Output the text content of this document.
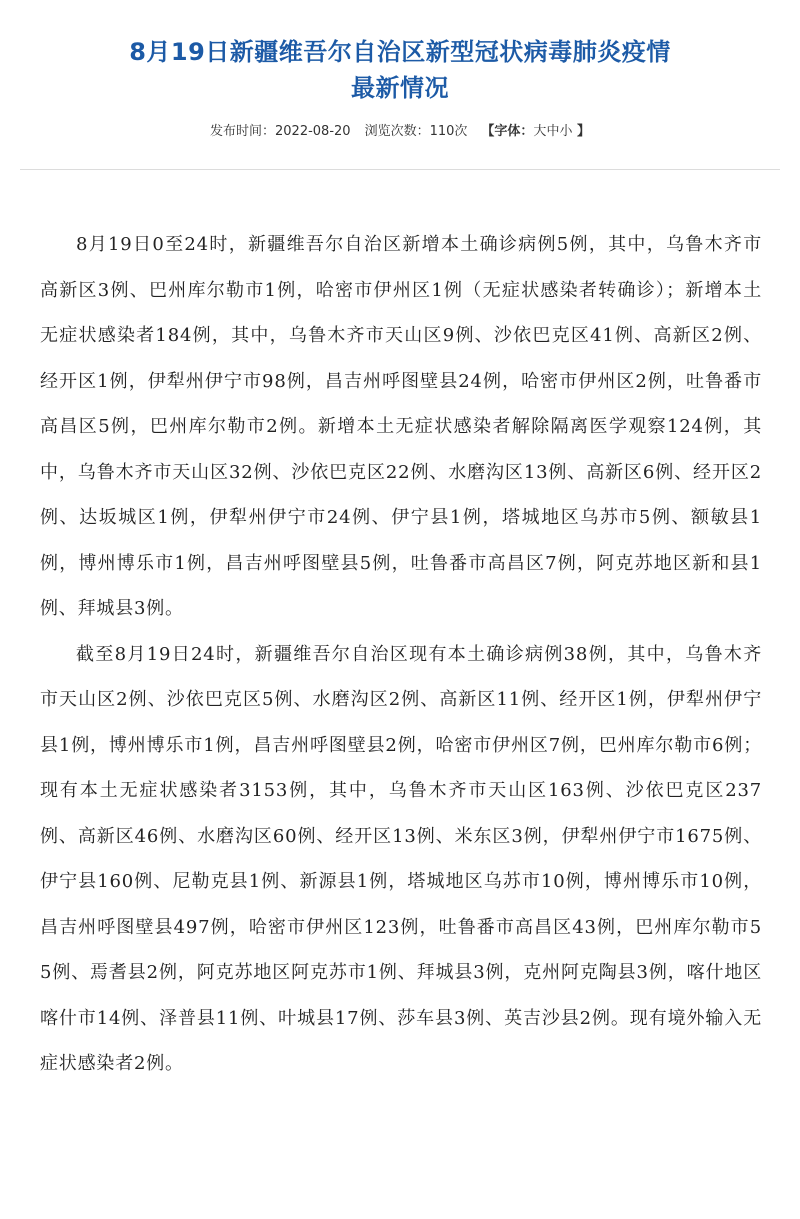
8月19日新疆维吾尔自治区新型冠状病毒肺炎疫情
最新情况
发布时间：2022-08-20 浏览次数：110次 【字体：大中小 】

8月19日0至24时，新疆维吾尔自治区新增本土确诊病例5例，其中，乌鲁木齐市高新区3例、巴州库尔勒市1例，哈密市伊州区1例（无症状感染者转确诊）；新增本土无症状感染者184例，其中，乌鲁木齐市天山区9例、沙依巴克区41例、高新区2例、经开区1例，伊犁州伊宁市98例，昌吉州呼图壁县24例，哈密市伊州区2例，吐鲁番市高昌区5例，巴州库尔勒市2例。新增本土无症状感染者解除隔离医学观察124例，其中，乌鲁木齐市天山区32例、沙依巴克区22例、水磨沟区13例、高新区6例、经开区2例、达坂城区1例，伊犁州伊宁市24例、伊宁县1例，塔城地区乌苏市5例、额敏县1例，博州博乐市1例，昌吉州呼图壁县5例，吐鲁番市高昌区7例，阿克苏地区新和县1例、拜城县3例。

截至8月19日24时，新疆维吾尔自治区现有本土确诊病例38例，其中，乌鲁木齐市天山区2例、沙依巴克区5例、水磨沟区2例、高新区11例、经开区1例，伊犁州伊宁县1例，博州博乐市1例，昌吉州呼图壁县2例，哈密市伊州区7例，巴州库尔勒市6例；现有本土无症状感染者3153例，其中，乌鲁木齐市天山区163例、沙依巴克区237例、高新区46例、水磨沟区60例、经开区13例、米东区3例，伊犁州伊宁市1675例、伊宁县160例、尼勒克县1例、新源县1例，塔城地区乌苏市10例，博州博乐市10例，昌吉州呼图壁县497例，哈密市伊州区123例，吐鲁番市高昌区43例，巴州库尔勒市55例、焉耆县2例，阿克苏地区阿克苏市1例、拜城县3例，克州阿克陶县3例，喀什地区喀什市14例、泽普县11例、叶城县17例、莎车县3例、英吉沙县2例。现有境外输入无症状感染者2例。
